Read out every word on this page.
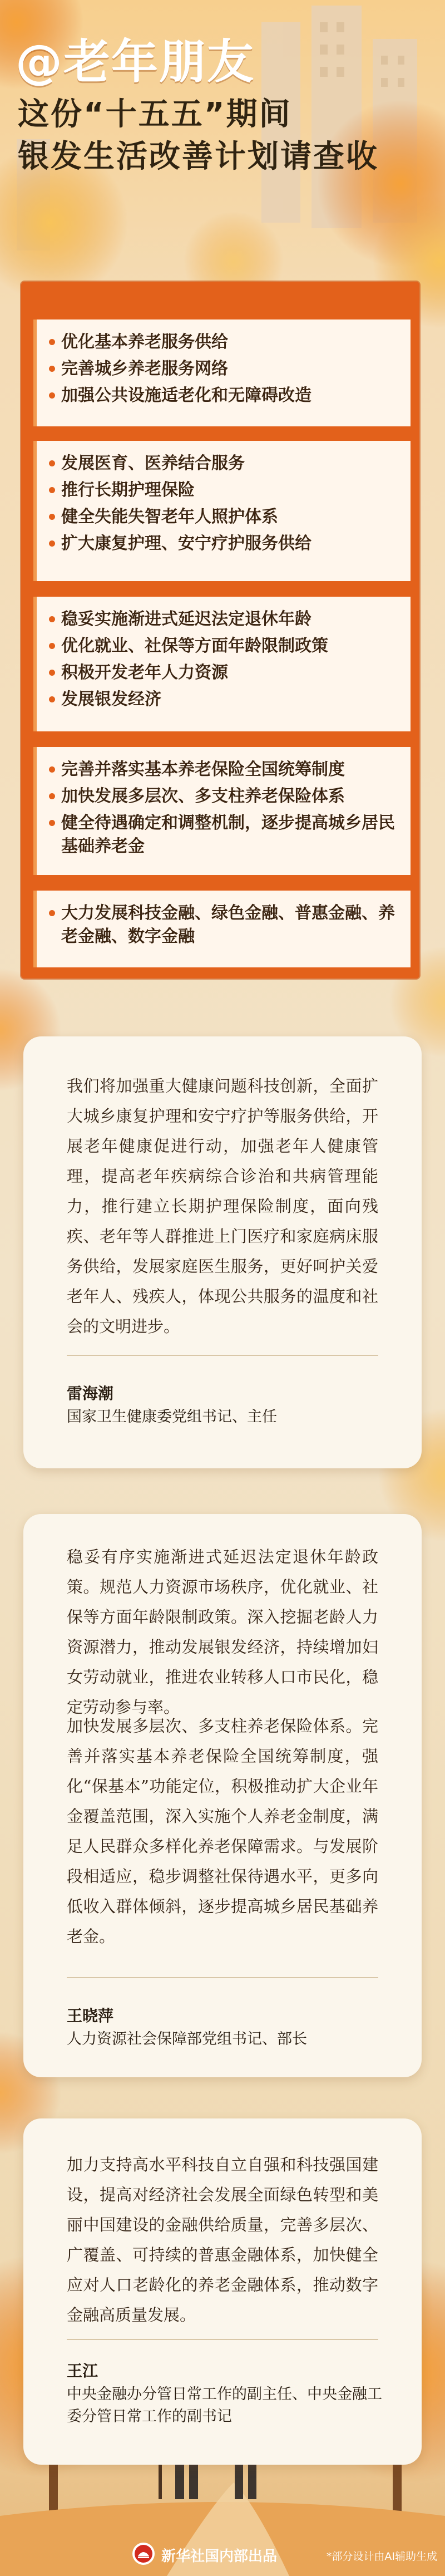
@老年朋友
这份“十五五”期间
银发生活改善计划请查收
优化基本养老服务供给
完善城乡养老服务网络
加强公共设施适老化和无障碍改造
发展医育、医养结合服务
推行长期护理保险
健全失能失智老年人照护体系
扩大康复护理、安宁疗护服务供给
稳妥实施渐进式延迟法定退休年龄
优化就业、社保等方面年龄限制政策
积极开发老年人力资源
发展银发经济
完善并落实基本养老保险全国统筹制度
加快发展多层次、多支柱养老保险体系
健全待遇确定和调整机制，逐步提高城乡居民基础养老金
大力发展科技金融、绿色金融、普惠金融、养老金融、数字金融

我们将加强重大健康问题科技创新，全面扩大城乡康复护理和安宁疗护等服务供给，开展老年健康促进行动，加强老年人健康管理，提高老年疾病综合诊治和共病管理能力，推行建立长期护理保险制度，面向残疾、老年等人群推进上门医疗和家庭病床服务供给，发展家庭医生服务，更好呵护关爱老年人、残疾人，体现公共服务的温度和社会的文明进步。

雷海潮
国家卫生健康委党组书记、主任

稳妥有序实施渐进式延迟法定退休年龄政策。规范人力资源市场秩序，优化就业、社保等方面年龄限制政策。深入挖掘老龄人力资源潜力，推动发展银发经济，持续增加妇女劳动就业，推进农业转移人口市民化，稳定劳动参与率。

加快发展多层次、多支柱养老保险体系。完善并落实基本养老保险全国统筹制度，强化“保基本”功能定位，积极推动扩大企业年金覆盖范围，深入实施个人养老金制度，满足人民群众多样化养老保障需求。与发展阶段相适应，稳步调整社保待遇水平，更多向低收入群体倾斜，逐步提高城乡居民基础养老金。

王晓萍
人力资源社会保障部党组书记、部长

加力支持高水平科技自立自强和科技强国建设，提高对经济社会发展全面绿色转型和美丽中国建设的金融供给质量，完善多层次、广覆盖、可持续的普惠金融体系，加快健全应对人口老龄化的养老金融体系，推动数字金融高质量发展。

王江
中央金融办分管日常工作的副主任、中央金融工委分管日常工作的副书记
新华社国内部出品	*部分设计由AI辅助生成
